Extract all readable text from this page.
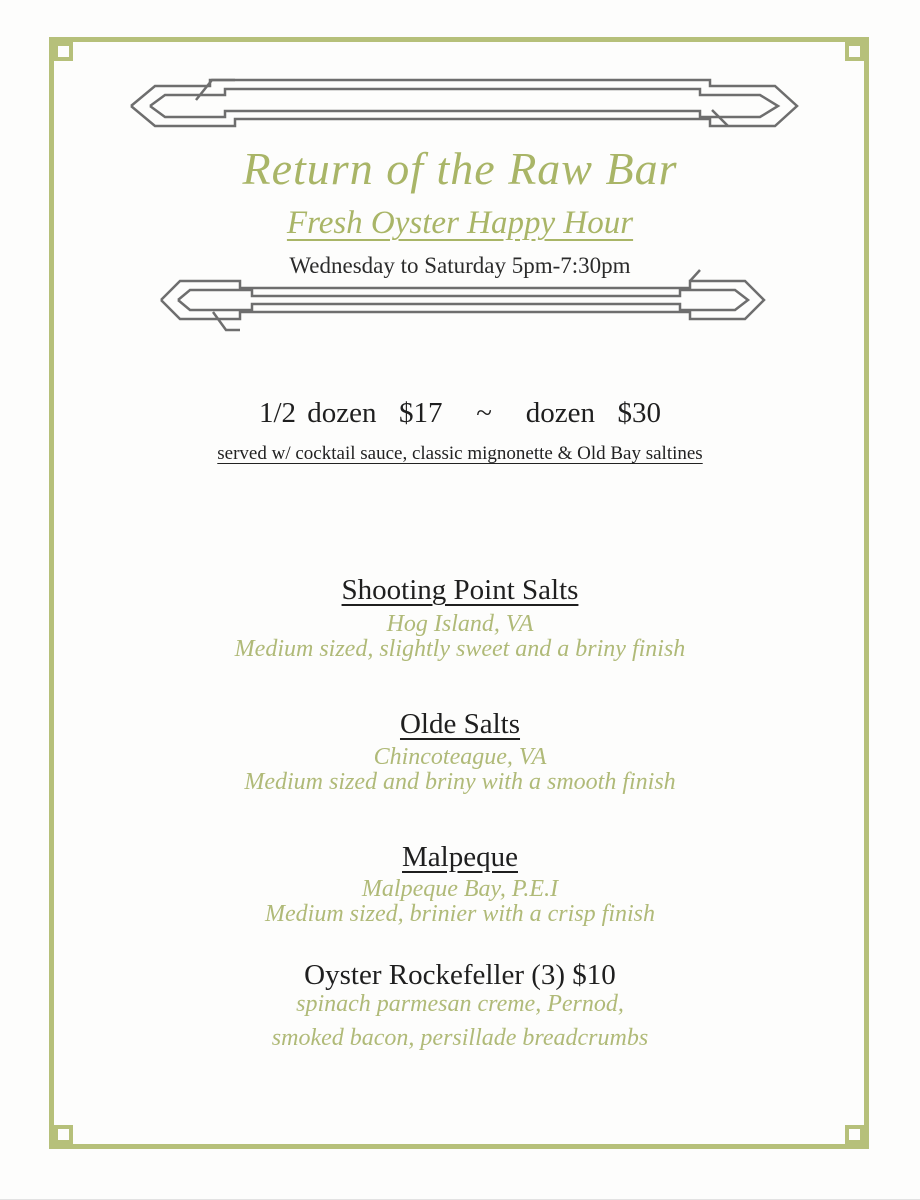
Return of the Raw Bar
Fresh Oyster Happy Hour
Wednesday to Saturday 5pm-7:30pm
1/2 dozen  $17   ~   dozen  $30
served w/ cocktail sauce, classic mignonette & Old Bay saltines
Shooting Point Salts
Hog Island, VA
Medium sized, slightly sweet and a briny finish
Olde Salts
Chincoteague, VA
Medium sized and briny with a smooth finish
Malpeque
Malpeque Bay, P.E.I
Medium sized, brinier with a crisp finish
Oyster Rockefeller (3) $10
spinach parmesan creme, Pernod,
smoked bacon, persillade breadcrumbs
